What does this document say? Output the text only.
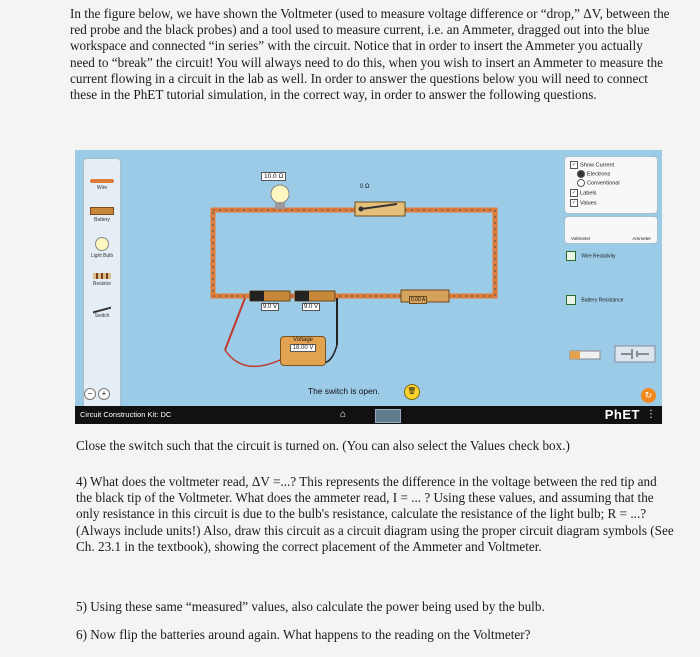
In the figure below, we have shown the Voltmeter (used to measure voltage difference or “drop,” ΔV, between the red probe and the black probes) and a tool used to measure current, i.e. an Ammeter, dragged out into the blue workspace and connected “in series” with the circuit. Notice that in order to insert the Ammeter you actually need to “break” the circuit! You will always need to do this, when you wish to insert an Ammeter to measure the current flowing in a circuit in the lab as well. In order to answer the questions below you will need to connect these in the PhET tutorial simulation, in the correct way, in order to answer the following questions.
Wire
Battery
Light Bulb
Resistor
Switch
✓ Show Current
Electrons
Conventional
✓ Labels
✓ Values
Voltmeter	Ammeter
Wire Resistivity
Battery Resistance
10.0 Ω
0 Ω
9.0 V	9.0 V
0.00 A
Voltage
18.00 V
The switch is open.	🗑
−	+	↻
Circuit Construction Kit: DC	⌂	PhET ⋮
Close the switch such that the circuit is turned on. (You can also select the Values check box.)
4) What does the voltmeter read, ΔV =...? This represents the difference in the voltage between the red tip and the black tip of the Voltmeter. What does the ammeter read, I = ... ? Using these values, and assuming that the only resistance in this circuit is due to the bulb's resistance, calculate the resistance of the light bulb; R = ...? (Always include units!) Also, draw this circuit as a circuit diagram using the proper circuit diagram symbols (See Ch. 23.1 in the textbook), showing the correct placement of the Ammeter and Voltmeter.
5) Using these same “measured” values, also calculate the power being used by the bulb.
6) Now flip the batteries around again. What happens to the reading on the Voltmeter?
